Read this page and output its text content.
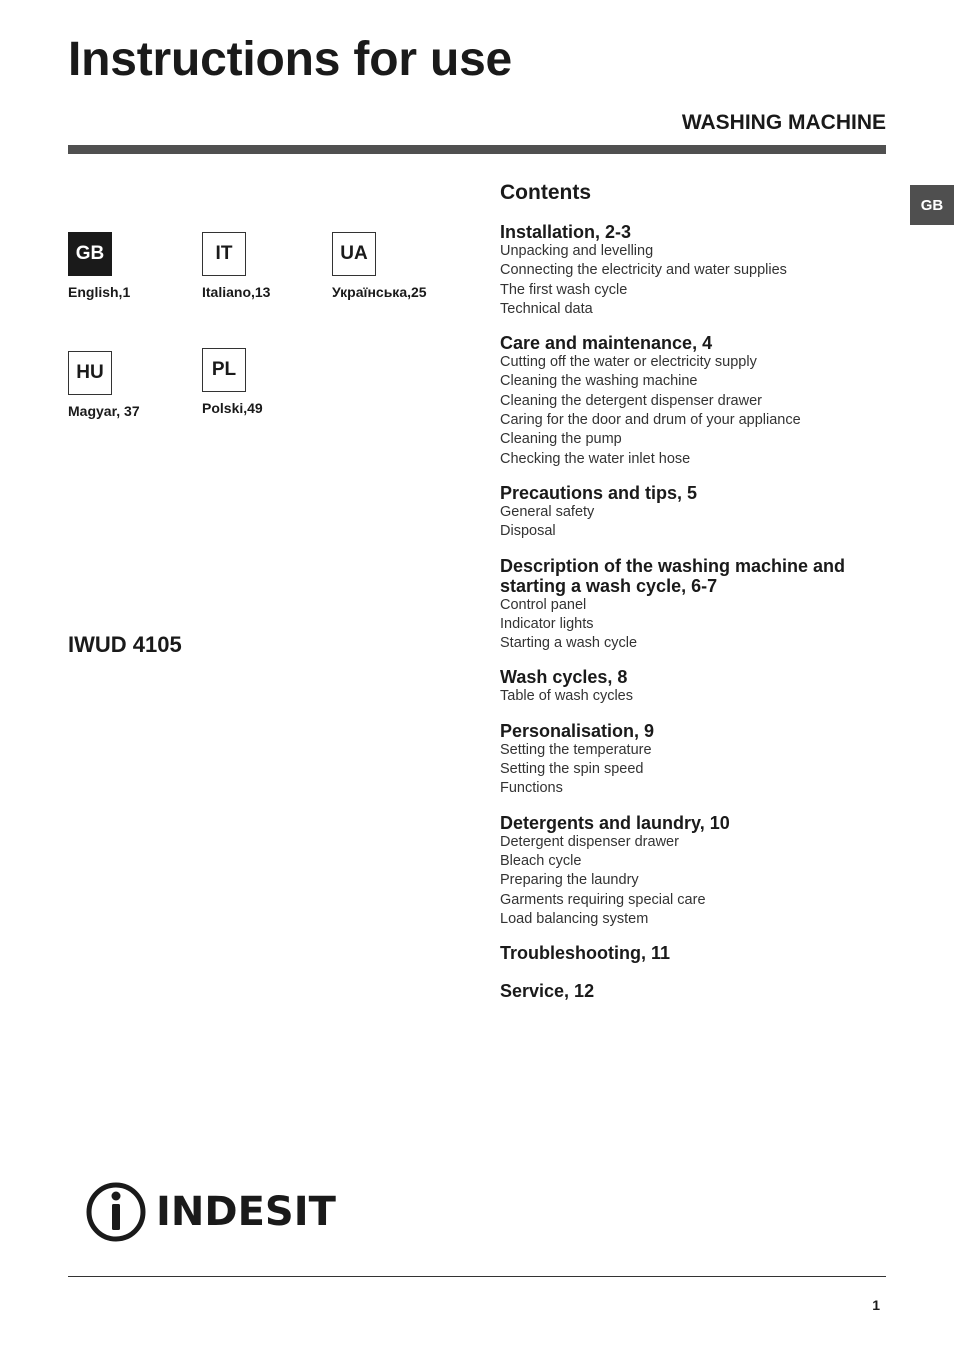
Instructions for use
WASHING MACHINE
GB
GB
English,1
IT
Italiano,13
UA
Українська,25
HU
Magyar, 37
PL
Polski,49
IWUD 4105
Contents
Installation, 2-3
Unpacking and levelling
Connecting the electricity and water supplies
The first wash cycle
Technical data
Care and maintenance, 4
Cutting off the water or electricity supply
Cleaning the washing machine
Cleaning the detergent dispenser drawer
Caring for the door and drum of your appliance
Cleaning the pump
Checking the water inlet hose
Precautions and tips, 5
General safety
Disposal
Description of the washing machine and starting a wash cycle, 6-7
Control panel
Indicator lights
Starting a wash cycle
Wash cycles, 8
Table of wash cycles
Personalisation, 9
Setting the temperature
Setting the spin speed
Functions
Detergents and laundry, 10
Detergent dispenser drawer
Bleach cycle
Preparing the laundry
Garments requiring special care
Load balancing system
Troubleshooting, 11
Service, 12
INDESIT
1
